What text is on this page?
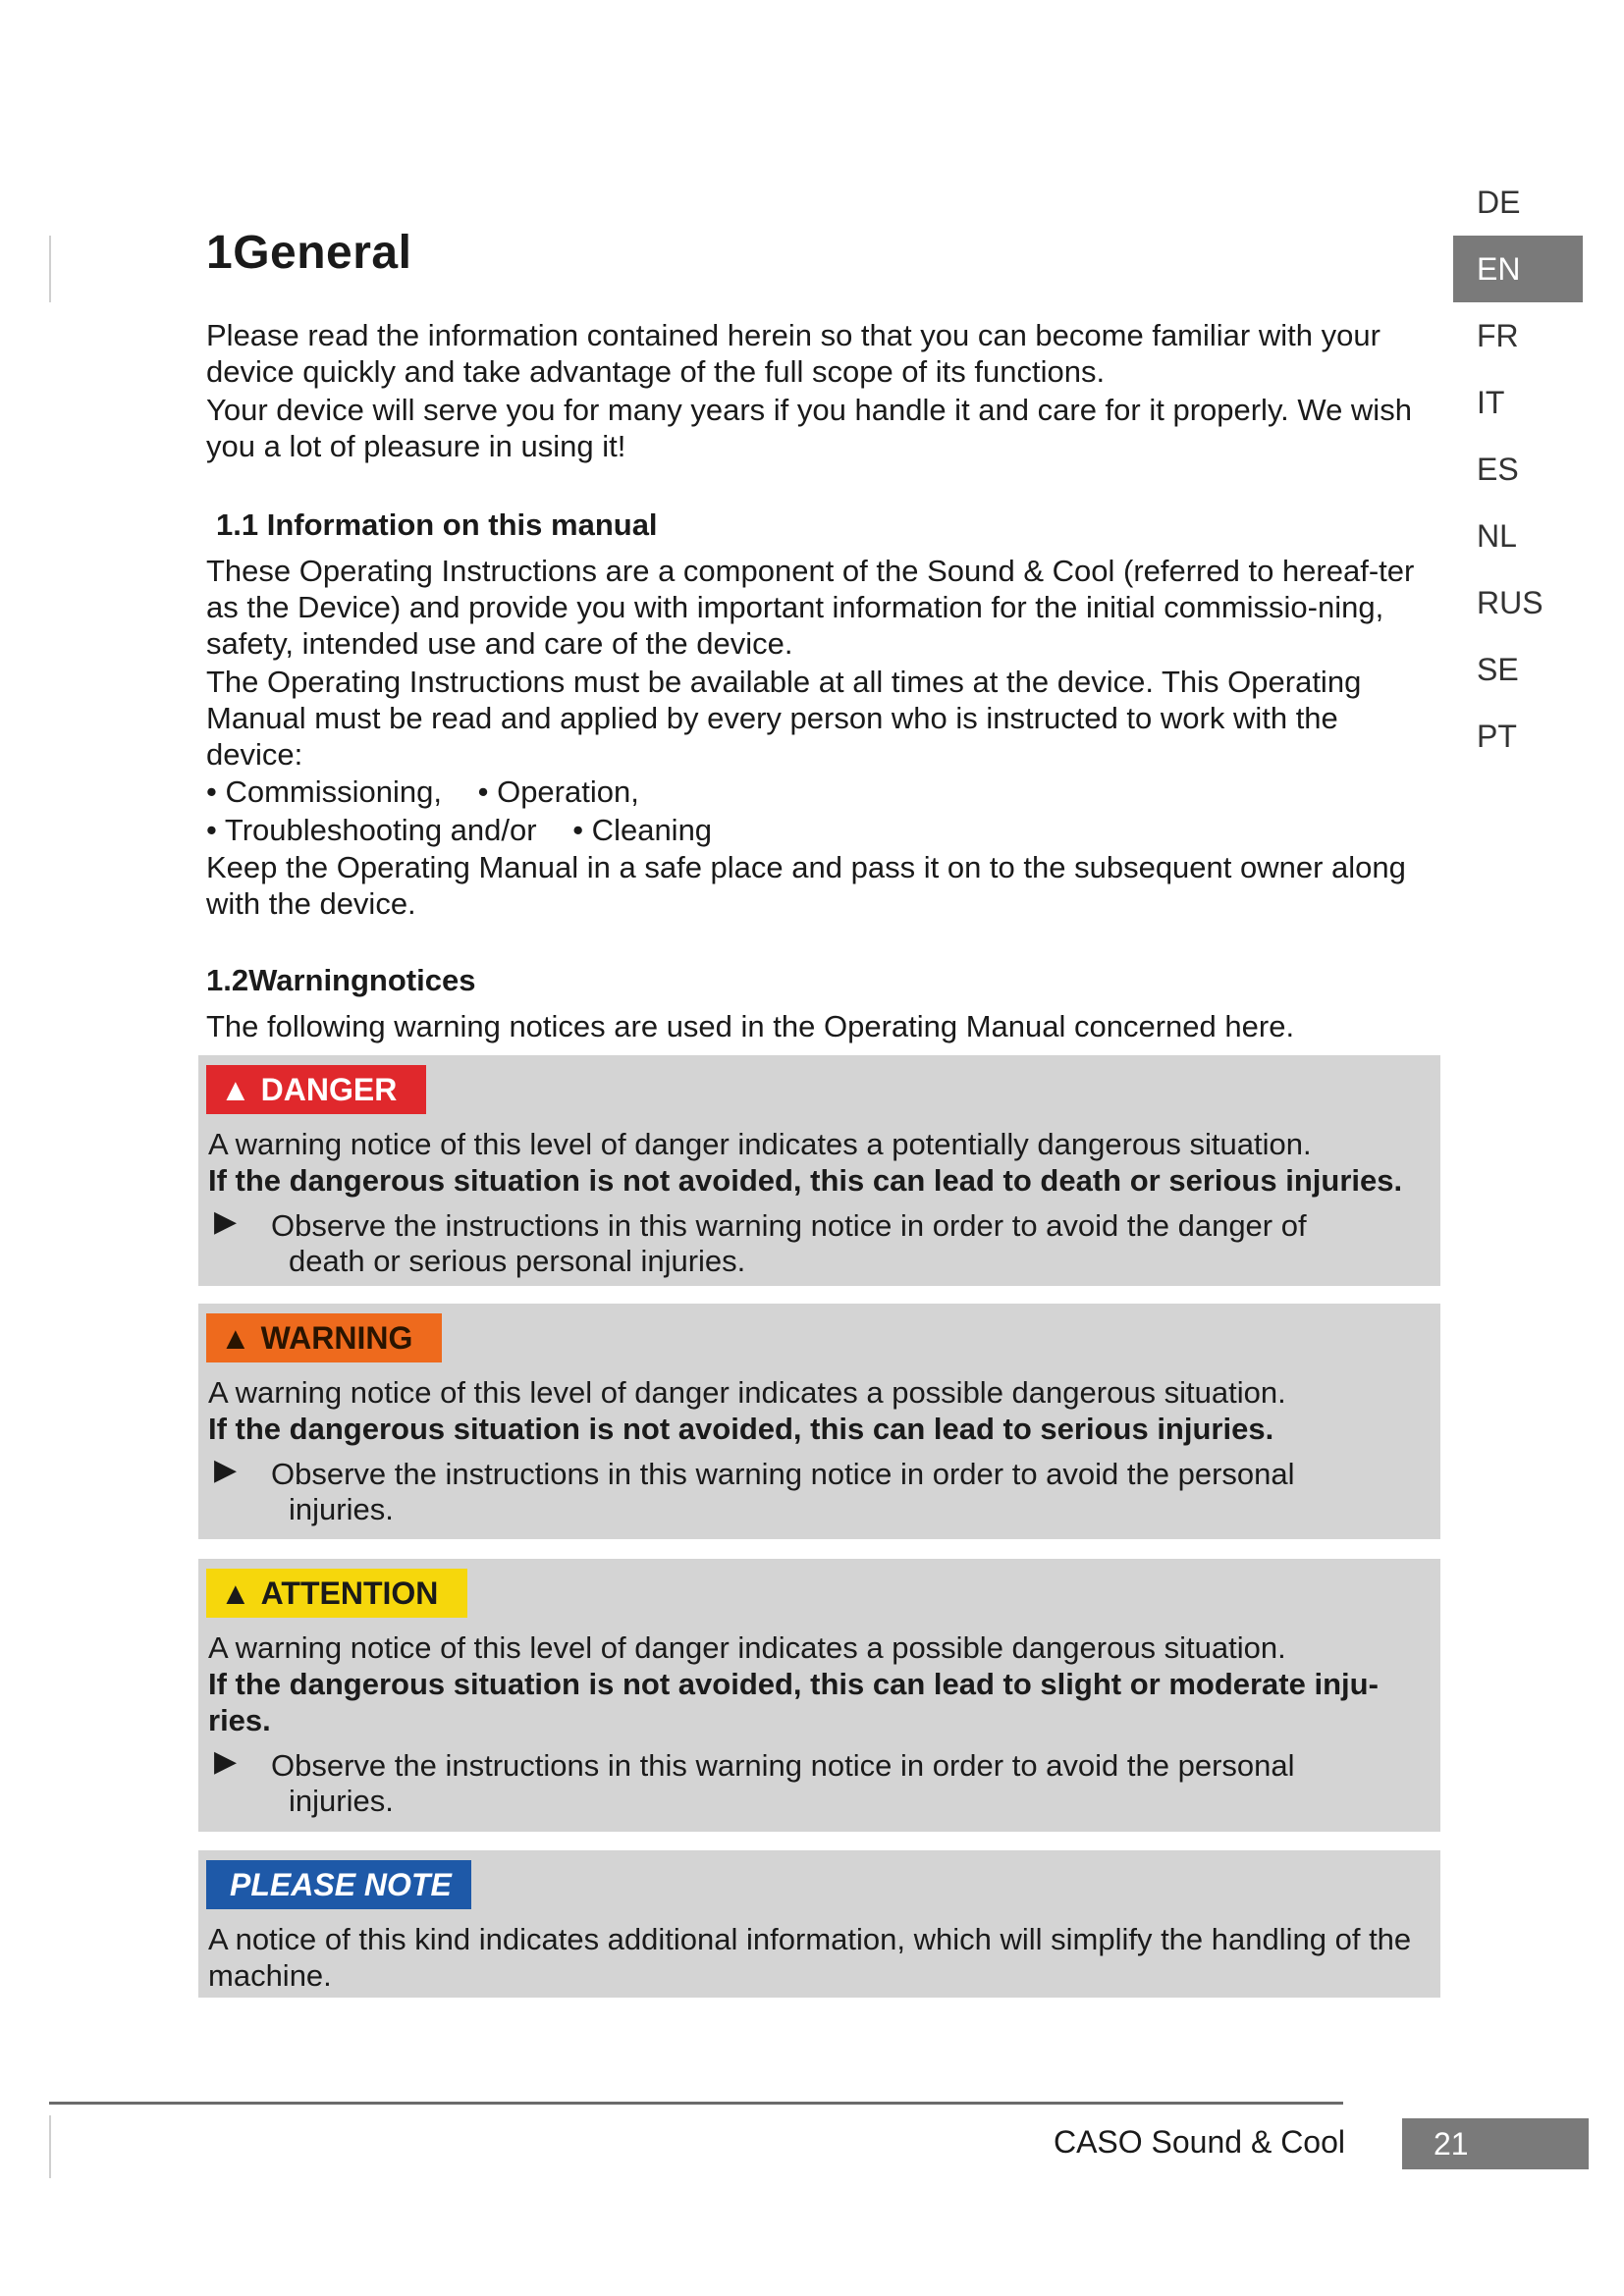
DE
EN
FR
IT
ES
NL
RUS
SE
PT
1General

Please read the information contained herein so that you can become familiar with your device quickly and take advantage of the full scope of its functions.

Your device will serve you for many years if you handle it and care for it properly. We wish you a lot of pleasure in using it!

1.1 Information on this manual

These Operating Instructions are a component of the Sound & Cool (referred to hereaf-ter as the Device) and provide you with important information for the initial commissio-ning, safety, intended use and care of the device.

The Operating Instructions must be available at all times at the device. This Operating Manual must be read and applied by every person who is instructed to work with the device:

• Commissioning, • Operation,
• Troubleshooting and/or • Cleaning

Keep the Operating Manual in a safe place and pass it on to the subsequent owner along with the device.

1.2Warningnotices

The following warning notices are used in the Operating Manual concerned here.

▲ DANGER

A warning notice of this level of danger indicates a potentially dangerous situation.

If the dangerous situation is not avoided, this can lead to death or serious injuries.

▶ Observe the instructions in this warning notice in order to avoid the danger of death or serious personal injuries.
▲ WARNING

A warning notice of this level of danger indicates a possible dangerous situation.

If the dangerous situation is not avoided, this can lead to serious injuries.

▶ Observe the instructions in this warning notice in order to avoid the personal injuries.
▲ ATTENTION

A warning notice of this level of danger indicates a possible dangerous situation.

If the dangerous situation is not avoided, this can lead to slight or moderate inju-ries.

▶ Observe the instructions in this warning notice in order to avoid the personal injuries.
PLEASE NOTE

A notice of this kind indicates additional information, which will simplify the handling of the machine.

CASO Sound & Cool	21
